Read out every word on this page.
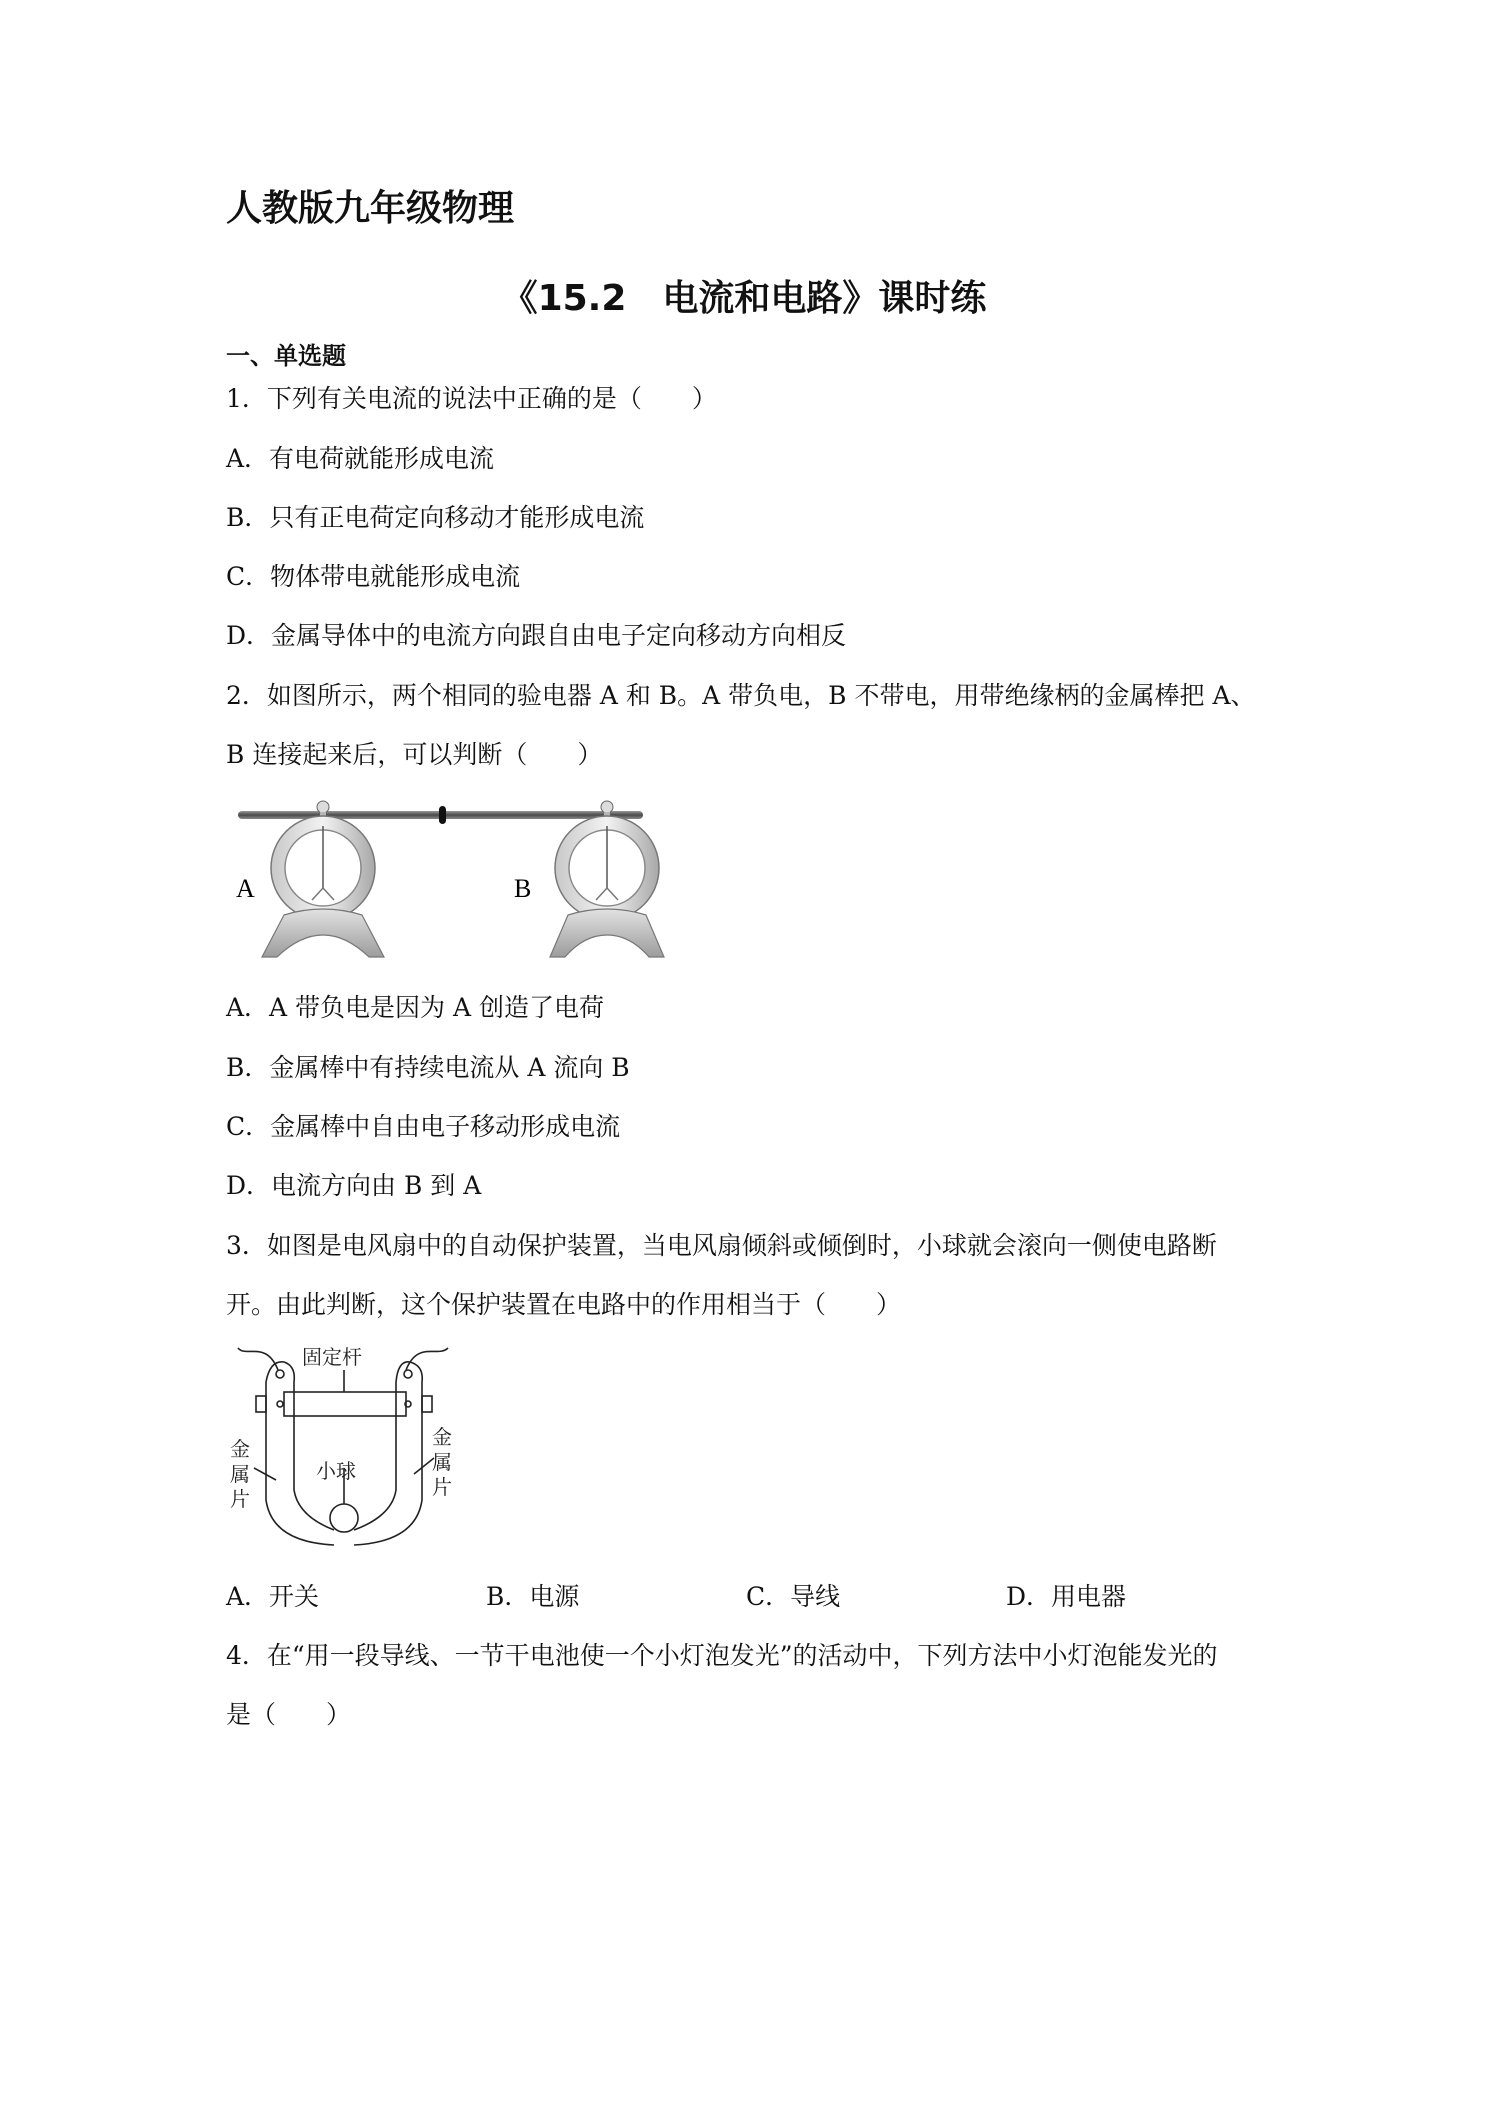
人教版九年级物理
《15.2　电流和电路》课时练
一、单选题
1．下列有关电流的说法中正确的是（　　）
A．有电荷就能形成电流
B．只有正电荷定向移动才能形成电流
C．物体带电就能形成电流
D．金属导体中的电流方向跟自由电子定向移动方向相反
2．如图所示，两个相同的验电器 A 和 B。A 带负电，B 不带电，用带绝缘柄的金属棒把 A、
B 连接起来后，可以判断（　　）
A	B
A．A 带负电是因为 A 创造了电荷
B．金属棒中有持续电流从 A 流向 B
C．金属棒中自由电子移动形成电流
D．电流方向由 B 到 A
3．如图是电风扇中的自动保护装置，当电风扇倾斜或倾倒时，小球就会滚向一侧使电路断
开。由此判断，这个保护装置在电路中的作用相当于（　　）
固定杆
小球
金
属
片
金
属
片
A．开关	B．电源	C．导线	D．用电器
4．在“用一段导线、一节干电池使一个小灯泡发光”的活动中，下列方法中小灯泡能发光的
是（　　）
